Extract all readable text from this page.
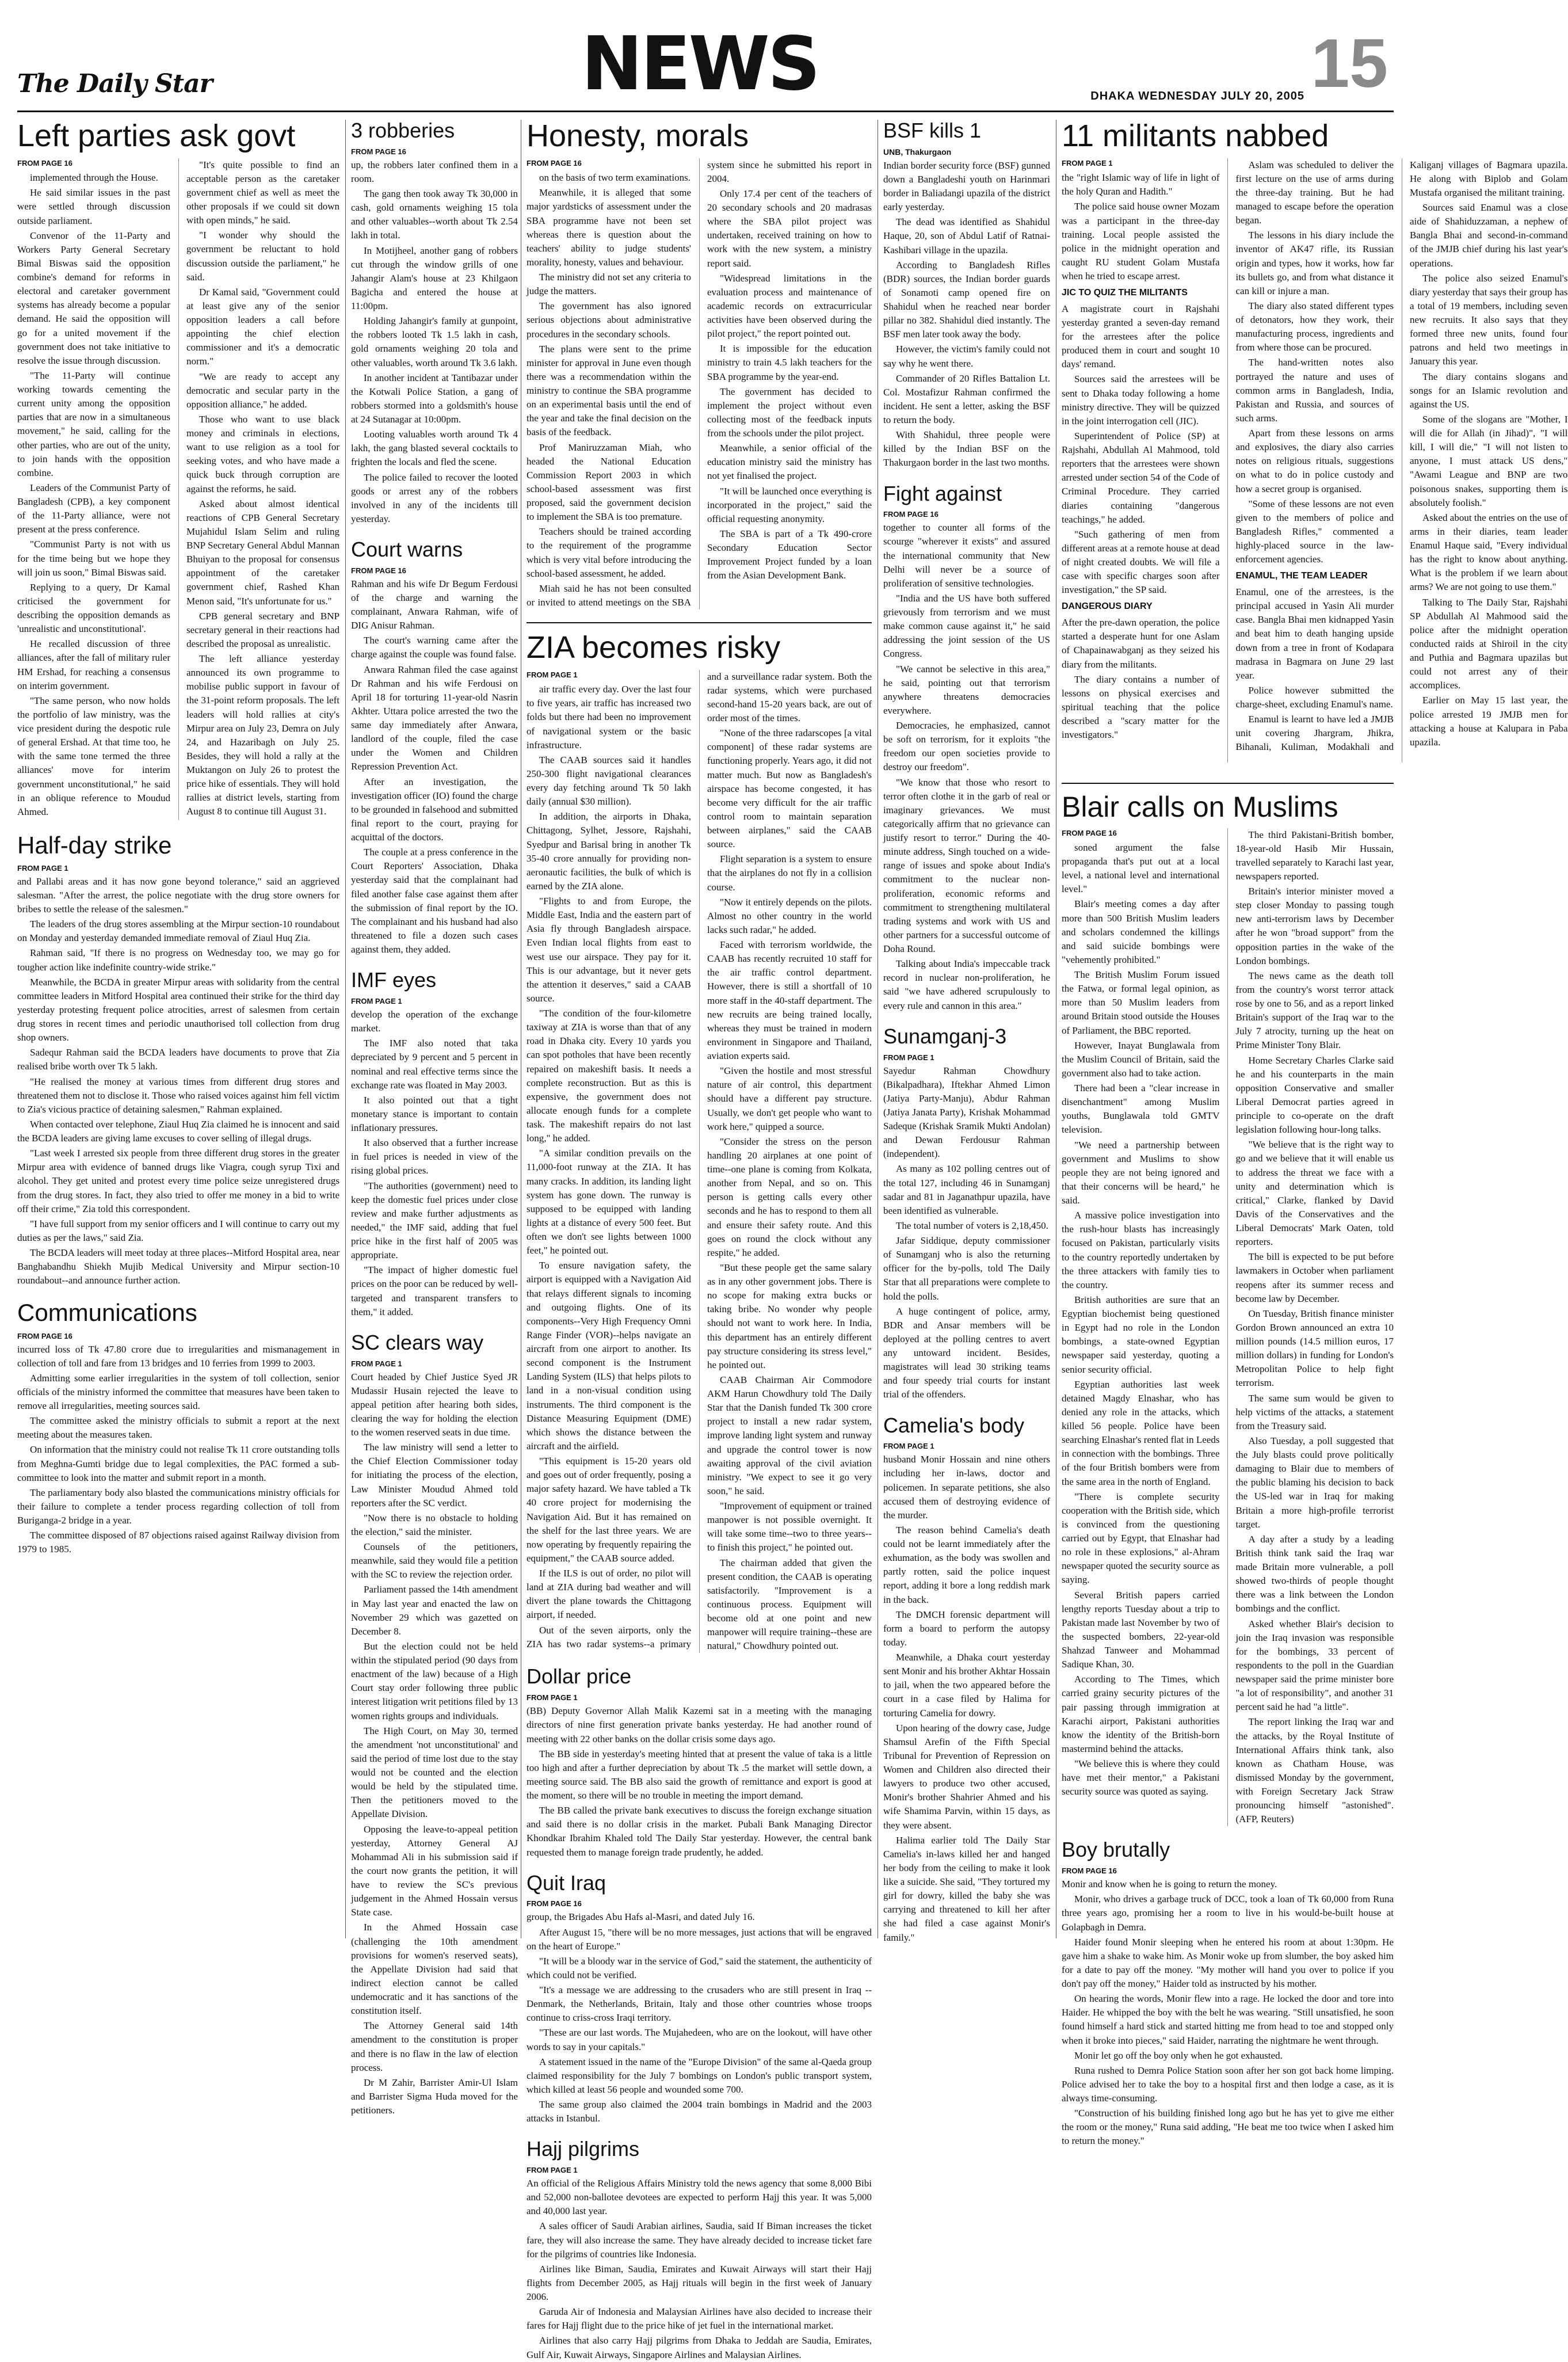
The Daily Star	NEWS	15
DHAKA WEDNESDAY JULY 20, 2005
Left parties ask govt
FROM PAGE 16

implemented through the House.

He said similar issues in the past were settled through discussion outside parliament.

Convenor of the 11-Party and Workers Party General Secretary Bimal Biswas said the opposition combine's demand for reforms in electoral and caretaker government systems has already become a popular demand. He said the opposition will go for a united movement if the government does not take initiative to resolve the issue through discussion.

"The 11-Party will continue working towards cementing the current unity among the opposition parties that are now in a simultaneous movement," he said, calling for the other parties, who are out of the unity, to join hands with the opposition combine.

Leaders of the Communist Party of Bangladesh (CPB), a key component of the 11-Party alliance, were not present at the press conference.

"Communist Party is not with us for the time being but we hope they will join us soon," Bimal Biswas said.

Replying to a query, Dr Kamal criticised the government for describing the opposition demands as 'unrealistic and unconstitutional'.

He recalled discussion of three alliances, after the fall of military ruler HM Ershad, for reaching a consensus on interim government.

"The same person, who now holds the portfolio of law ministry, was the vice president during the despotic rule of general Ershad. At that time too, he with the same tone termed the three alliances' move for interim government unconstitutional," he said in an oblique reference to Moudud Ahmed.

"It's quite possible to find an acceptable person as the caretaker government chief as well as meet the other proposals if we could sit down with open minds," he said.

"I wonder why should the government be reluctant to hold discussion outside the parliament," he said.

Dr Kamal said, "Government could at least give any of the senior opposition leaders a call before appointing the chief election commissioner and it's a democratic norm."

"We are ready to accept any democratic and secular party in the opposition alliance," he added.

Those who want to use black money and criminals in elections, want to use religion as a tool for seeking votes, and who have made a quick buck through corruption are against the reforms, he said.

Asked about almost identical reactions of CPB General Secretary Mujahidul Islam Selim and ruling BNP Secretary General Abdul Mannan Bhuiyan to the proposal for consensus appointment of the caretaker government chief, Rashed Khan Menon said, "It's unfortunate for us."

CPB general secretary and BNP secretary general in their reactions had described the proposal as unrealistic.

The left alliance yesterday announced its own programme to mobilise public support in favour of the 31-point reform proposals. The left leaders will hold rallies at city's Mirpur area on July 23, Demra on July 24, and Hazaribagh on July 25. Besides, they will hold a rally at the Muktangon on July 26 to protest the price hike of essentials. They will hold rallies at district levels, starting from August 8 to continue till August 31.

Half-day strike
FROM PAGE 1

and Pallabi areas and it has now gone beyond tolerance," said an aggrieved salesman. "After the arrest, the police negotiate with the drug store owners for bribes to settle the release of the salesmen."

The leaders of the drug stores assembling at the Mirpur section-10 roundabout on Monday and yesterday demanded immediate removal of Ziaul Huq Zia.

Rahman said, "If there is no progress on Wednesday too, we may go for tougher action like indefinite country-wide strike."

Meanwhile, the BCDA in greater Mirpur areas with solidarity from the central committee leaders in Mitford Hospital area continued their strike for the third day yesterday protesting frequent police atrocities, arrest of salesmen from certain drug stores in recent times and periodic unauthorised toll collection from drug shop owners.

Sadequr Rahman said the BCDA leaders have documents to prove that Zia realised bribe worth over Tk 5 lakh.

"He realised the money at various times from different drug stores and threatened them not to disclose it. Those who raised voices against him fell victim to Zia's vicious practice of detaining salesmen," Rahman explained.

When contacted over telephone, Ziaul Huq Zia claimed he is innocent and said the BCDA leaders are giving lame excuses to cover selling of illegal drugs.

"Last week I arrested six people from three different drug stores in the greater Mirpur area with evidence of banned drugs like Viagra, cough syrup Tixi and alcohol. They get united and protest every time police seize unregistered drugs from the drug stores. In fact, they also tried to offer me money in a bid to write off their crime," Zia told this correspondent.

"I have full support from my senior officers and I will continue to carry out my duties as per the laws," said Zia.

The BCDA leaders will meet today at three places--Mitford Hospital area, near Banghabandhu Shiekh Mujib Medical University and Mirpur section-10 roundabout--and announce further action.

Communications
FROM PAGE 16

incurred loss of Tk 47.80 crore due to irregularities and mismanagement in collection of toll and fare from 13 bridges and 10 ferries from 1999 to 2003.

Admitting some earlier irregularities in the system of toll collection, senior officials of the ministry informed the committee that measures have been taken to remove all irregularities, meeting sources said.

The committee asked the ministry officials to submit a report at the next meeting about the measures taken.

On information that the ministry could not realise Tk 11 crore outstanding tolls from Meghna-Gumti bridge due to legal complexities, the PAC formed a sub-committee to look into the matter and submit report in a month.

The parliamentary body also blasted the communications ministry officials for their failure to complete a tender process regarding collection of toll from Buriganga-2 bridge in a year.

The committee disposed of 87 objections raised against Railway division from 1979 to 1985.

3 robberies
FROM PAGE 16

up, the robbers later confined them in a room.

The gang then took away Tk 30,000 in cash, gold ornaments weighing 15 tola and other valuables--worth about Tk 2.54 lakh in total.

In Motijheel, another gang of robbers cut through the window grills of one Jahangir Alam's house at 23 Khilgaon Bagicha and entered the house at 11:00pm.

Holding Jahangir's family at gunpoint, the robbers looted Tk 1.5 lakh in cash, gold ornaments weighing 20 tola and other valuables, worth around Tk 3.6 lakh.

In another incident at Tantibazar under the Kotwali Police Station, a gang of robbers stormed into a goldsmith's house at 24 Sutanagar at 10:00pm.

Looting valuables worth around Tk 4 lakh, the gang blasted several cocktails to frighten the locals and fled the scene.

The police failed to recover the looted goods or arrest any of the robbers involved in any of the incidents till yesterday.

Court warns
FROM PAGE 16

Rahman and his wife Dr Begum Ferdousi of the charge and warning the complainant, Anwara Rahman, wife of DIG Anisur Rahman.

The court's warning came after the charge against the couple was found false.

Anwara Rahman filed the case against Dr Rahman and his wife Ferdousi on April 18 for torturing 11-year-old Nasrin Akhter. Uttara police arrested the two the same day immediately after Anwara, landlord of the couple, filed the case under the Women and Children Repression Prevention Act.

After an investigation, the investigation officer (IO) found the charge to be grounded in falsehood and submitted final report to the court, praying for acquittal of the doctors.

The couple at a press conference in the Court Reporters' Association, Dhaka yesterday said that the complainant had filed another false case against them after the submission of final report by the IO. The complainant and his husband had also threatened to file a dozen such cases against them, they added.

IMF eyes
FROM PAGE 1

develop the operation of the exchange market.

The IMF also noted that taka depreciated by 9 percent and 5 percent in nominal and real effective terms since the exchange rate was floated in May 2003.

It also pointed out that a tight monetary stance is important to contain inflationary pressures.

It also observed that a further increase in fuel prices is needed in view of the rising global prices.

"The authorities (government) need to keep the domestic fuel prices under close review and make further adjustments as needed," the IMF said, adding that fuel price hike in the first half of 2005 was appropriate.

"The impact of higher domestic fuel prices on the poor can be reduced by well-targeted and transparent transfers to them," it added.

SC clears way
FROM PAGE 1

Court headed by Chief Justice Syed JR Mudassir Husain rejected the leave to appeal petition after hearing both sides, clearing the way for holding the election to the women reserved seats in due time.

The law ministry will send a letter to the Chief Election Commissioner today for initiating the process of the election, Law Minister Moudud Ahmed told reporters after the SC verdict.

"Now there is no obstacle to holding the election," said the minister.

Counsels of the petitioners, meanwhile, said they would file a petition with the SC to review the rejection order.

Parliament passed the 14th amendment in May last year and enacted the law on November 29 which was gazetted on December 8.

But the election could not be held within the stipulated period (90 days from enactment of the law) because of a High Court stay order following three public interest litigation writ petitions filed by 13 women rights groups and individuals.

The High Court, on May 30, termed the amendment 'not unconstitutional' and said the period of time lost due to the stay would not be counted and the election would be held by the stipulated time. Then the petitioners moved to the Appellate Division.

Opposing the leave-to-appeal petition yesterday, Attorney General AJ Mohammad Ali in his submission said if the court now grants the petition, it will have to review the SC's previous judgement in the Ahmed Hossain versus State case.

In the Ahmed Hossain case (challenging the 10th amendment provisions for women's reserved seats), the Appellate Division had said that indirect election cannot be called undemocratic and it has sanctions of the constitution itself.

The Attorney General said 14th amendment to the constitution is proper and there is no flaw in the law of election process.

Dr M Zahir, Barrister Amir-Ul Islam and Barrister Sigma Huda moved for the petitioners.

Honesty, morals
FROM PAGE 16

on the basis of two term examinations.

Meanwhile, it is alleged that some major yardsticks of assessment under the SBA programme have not been set whereas there is question about the teachers' ability to judge students' morality, honesty, values and behaviour.

The ministry did not set any criteria to judge the matters.

The government has also ignored serious objections about administrative procedures in the secondary schools.

The plans were sent to the prime minister for approval in June even though there was a recommendation within the ministry to continue the SBA programme on an experimental basis until the end of the year and take the final decision on the basis of the feedback.

Prof Maniruzzaman Miah, who headed the National Education Commission Report 2003 in which school-based assessment was first proposed, said the government decision to implement the SBA is too premature.

Teachers should be trained according to the requirement of the programme which is very vital before introducing the school-based assessment, he added.

Miah said he has not been consulted or invited to attend meetings on the SBA system since he submitted his report in 2004.

Only 17.4 per cent of the teachers of 20 secondary schools and 20 madrasas where the SBA pilot project was undertaken, received training on how to work with the new system, a ministry report said.

"Widespread limitations in the evaluation process and maintenance of academic records on extracurricular activities have been observed during the pilot project," the report pointed out.

It is impossible for the education ministry to train 4.5 lakh teachers for the SBA programme by the year-end.

The government has decided to implement the project without even collecting most of the feedback inputs from the schools under the pilot project.

Meanwhile, a senior official of the education ministry said the ministry has not yet finalised the project.

"It will be launched once everything is incorporated in the project," said the official requesting anonymity.

The SBA is part of a Tk 490-crore Secondary Education Sector Improvement Project funded by a loan from the Asian Development Bank.

ZIA becomes risky
FROM PAGE 1

air traffic every day. Over the last four to five years, air traffic has increased two folds but there had been no improvement of navigational system or the basic infrastructure.

The CAAB sources said it handles 250-300 flight navigational clearances every day fetching around Tk 50 lakh daily (annual $30 million).

In addition, the airports in Dhaka, Chittagong, Sylhet, Jessore, Rajshahi, Syedpur and Barisal bring in another Tk 35-40 crore annually for providing non-aeronautic facilities, the bulk of which is earned by the ZIA alone.

"Flights to and from Europe, the Middle East, India and the eastern part of Asia fly through Bangladesh airspace. Even Indian local flights from east to west use our airspace. They pay for it. This is our advantage, but it never gets the attention it deserves," said a CAAB source.

"The condition of the four-kilometre taxiway at ZIA is worse than that of any road in Dhaka city. Every 10 yards you can spot potholes that have been recently repaired on makeshift basis. It needs a complete reconstruction. But as this is expensive, the government does not allocate enough funds for a complete task. The makeshift repairs do not last long," he added.

"A similar condition prevails on the 11,000-foot runway at the ZIA. It has many cracks. In addition, its landing light system has gone down. The runway is supposed to be equipped with landing lights at a distance of every 500 feet. But often we don't see lights between 1000 feet," he pointed out.

To ensure navigation safety, the airport is equipped with a Navigation Aid that relays different signals to incoming and outgoing flights. One of its components--Very High Frequency Omni Range Finder (VOR)--helps navigate an aircraft from one airport to another. Its second component is the Instrument Landing System (ILS) that helps pilots to land in a non-visual condition using instruments. The third component is the Distance Measuring Equipment (DME) which shows the distance between the aircraft and the airfield.

"This equipment is 15-20 years old and goes out of order frequently, posing a major safety hazard. We have tabled a Tk 40 crore project for modernising the Navigation Aid. But it has remained on the shelf for the last three years. We are now operating by frequently repairing the equipment," the CAAB source added.

If the ILS is out of order, no pilot will land at ZIA during bad weather and will divert the plane towards the Chittagong airport, if needed.

Out of the seven airports, only the ZIA has two radar systems--a primary and a surveillance radar system. Both the radar systems, which were purchased second-hand 15-20 years back, are out of order most of the times.

"None of the three radarscopes [a vital component] of these radar systems are functioning properly. Years ago, it did not matter much. But now as Bangladesh's airspace has become congested, it has become very difficult for the air traffic control room to maintain separation between airplanes," said the CAAB source.

Flight separation is a system to ensure that the airplanes do not fly in a collision course.

"Now it entirely depends on the pilots. Almost no other country in the world lacks such radar," he added.

Faced with terrorism worldwide, the CAAB has recently recruited 10 staff for the air traffic control department. However, there is still a shortfall of 10 more staff in the 40-staff department. The new recruits are being trained locally, whereas they must be trained in modern environment in Singapore and Thailand, aviation experts said.

"Given the hostile and most stressful nature of air control, this department should have a different pay structure. Usually, we don't get people who want to work here," quipped a source.

"Consider the stress on the person handling 20 airplanes at one point of time--one plane is coming from Kolkata, another from Nepal, and so on. This person is getting calls every other seconds and he has to respond to them all and ensure their safety route. And this goes on round the clock without any respite," he added.

"But these people get the same salary as in any other government jobs. There is no scope for making extra bucks or taking bribe. No wonder why people should not want to work here. In India, this department has an entirely different pay structure considering its stress level," he pointed out.

CAAB Chairman Air Commodore AKM Harun Chowdhury told The Daily Star that the Danish funded Tk 300 crore project to install a new radar system, improve landing light system and runway and upgrade the control tower is now awaiting approval of the civil aviation ministry. "We expect to see it go very soon," he said.

"Improvement of equipment or trained manpower is not possible overnight. It will take some time--two to three years--to finish this project," he pointed out.

The chairman added that given the present condition, the CAAB is operating satisfactorily. "Improvement is a continuous process. Equipment will become old at one point and new manpower will require training--these are natural," Chowdhury pointed out.

Dollar price
FROM PAGE 1

(BB) Deputy Governor Allah Malik Kazemi sat in a meeting with the managing directors of nine first generation private banks yesterday. He had another round of meeting with 22 other banks on the dollar crisis some days ago.

The BB side in yesterday's meeting hinted that at present the value of taka is a little too high and after a further depreciation by about Tk .5 the market will settle down, a meeting source said. The BB also said the growth of remittance and export is good at the moment, so there will be no trouble in meeting the import demand.

The BB called the private bank executives to discuss the foreign exchange situation and said there is no dollar crisis in the market. Pubali Bank Managing Director Khondkar Ibrahim Khaled told The Daily Star yesterday. However, the central bank requested them to manage foreign trade prudently, he added.

Quit Iraq
FROM PAGE 16

group, the Brigades Abu Hafs al-Masri, and dated July 16.

After August 15, "there will be no more messages, just actions that will be engraved on the heart of Europe."

"It will be a bloody war in the service of God," said the statement, the authenticity of which could not be verified.

"It's a message we are addressing to the crusaders who are still present in Iraq -- Denmark, the Netherlands, Britain, Italy and those other countries whose troops continue to criss-cross Iraqi territory.

"These are our last words. The Mujahedeen, who are on the lookout, will have other words to say in your capitals."

A statement issued in the name of the "Europe Division" of the same al-Qaeda group claimed responsibility for the July 7 bombings on London's public transport system, which killed at least 56 people and wounded some 700.

The same group also claimed the 2004 train bombings in Madrid and the 2003 attacks in Istanbul.

Hajj pilgrims
FROM PAGE 1

An official of the Religious Affairs Ministry told the news agency that some 8,000 Bibi and 52,000 non-ballotee devotees are expected to perform Hajj this year. It was 5,000 and 40,000 last year.

A sales officer of Saudi Arabian airlines, Saudia, said If Biman increases the ticket fare, they will also increase the same. They have already decided to increase ticket fare for the pilgrims of countries like Indonesia.

Airlines like Biman, Saudia, Emirates and Kuwait Airways will start their Hajj flights from December 2005, as Hajj rituals will begin in the first week of January 2006.

Garuda Air of Indonesia and Malaysian Airlines have also decided to increase their fares for Hajj flight due to the price hike of jet fuel in the international market.

Airlines that also carry Hajj pilgrims from Dhaka to Jeddah are Saudia, Emirates, Gulf Air, Kuwait Airways, Singapore Airlines and Malaysian Airlines.

BSF kills 1
UNB, Thakurgaon

Indian border security force (BSF) gunned down a Bangladeshi youth on Harinmari border in Baliadangi upazila of the district early yesterday.

The dead was identified as Shahidul Haque, 20, son of Abdul Latif of Ratnai-Kashibari village in the upazila.

According to Bangladesh Rifles (BDR) sources, the Indian border guards of Sonamoti camp opened fire on Shahidul when he reached near border pillar no 382. Shahidul died instantly. The BSF men later took away the body.

However, the victim's family could not say why he went there.

Commander of 20 Rifles Battalion Lt. Col. Mostafizur Rahman confirmed the incident. He sent a letter, asking the BSF to return the body.

With Shahidul, three people were killed by the Indian BSF on the Thakurgaon border in the last two months.

Fight against
FROM PAGE 16

together to counter all forms of the scourge "wherever it exists" and assured the international community that New Delhi will never be a source of proliferation of sensitive technologies.

"India and the US have both suffered grievously from terrorism and we must make common cause against it," he said addressing the joint session of the US Congress.

"We cannot be selective in this area," he said, pointing out that terrorism anywhere threatens democracies everywhere.

Democracies, he emphasized, cannot be soft on terrorism, for it exploits "the freedom our open societies provide to destroy our freedom".

"We know that those who resort to terror often clothe it in the garb of real or imaginary grievances. We must categorically affirm that no grievance can justify resort to terror." During the 40-minute address, Singh touched on a wide-range of issues and spoke about India's commitment to the nuclear non-proliferation, economic reforms and commitment to strengthening multilateral trading systems and work with US and other partners for a successful outcome of Doha Round.

Talking about India's impeccable track record in nuclear non-proliferation, he said "we have adhered scrupulously to every rule and cannon in this area."

Sunamganj-3
FROM PAGE 1

Sayedur Rahman Chowdhury (Bikalpadhara), Iftekhar Ahmed Limon (Jatiya Party-Manju), Abdur Rahman (Jatiya Janata Party), Krishak Mohammad Sadeque (Krishak Sramik Mukti Andolan) and Dewan Ferdousur Rahman (independent).

As many as 102 polling centres out of the total 127, including 46 in Sunamganj sadar and 81 in Jaganathpur upazila, have been identified as vulnerable.

The total number of voters is 2,18,450.

Jafar Siddique, deputy commissioner of Sunamganj who is also the returning officer for the by-polls, told The Daily Star that all preparations were complete to hold the polls.

A huge contingent of police, army, BDR and Ansar members will be deployed at the polling centres to avert any untoward incident. Besides, magistrates will lead 30 striking teams and four speedy trial courts for instant trial of the offenders.

Camelia's body
FROM PAGE 1

husband Monir Hossain and nine others including her in-laws, doctor and policemen. In separate petitions, she also accused them of destroying evidence of the murder.

The reason behind Camelia's death could not be learnt immediately after the exhumation, as the body was swollen and partly rotten, said the police inquest report, adding it bore a long reddish mark in the back.

The DMCH forensic department will form a board to perform the autopsy today.

Meanwhile, a Dhaka court yesterday sent Monir and his brother Akhtar Hossain to jail, when the two appeared before the court in a case filed by Halima for torturing Camelia for dowry.

Upon hearing of the dowry case, Judge Shamsul Arefin of the Fifth Special Tribunal for Prevention of Repression on Women and Children also directed their lawyers to produce two other accused, Monir's brother Shahrier Ahmed and his wife Shamima Parvin, within 15 days, as they were absent.

Halima earlier told The Daily Star Camelia's in-laws killed her and hanged her body from the ceiling to make it look like a suicide. She said, "They tortured my girl for dowry, killed the baby she was carrying and threatened to kill her after she had filed a case against Monir's family."

11 militants nabbed
FROM PAGE 1

the "right Islamic way of life in light of the holy Quran and Hadith."

The police said house owner Mozam was a participant in the three-day training. Local people assisted the police in the midnight operation and caught RU student Golam Mustafa when he tried to escape arrest.

JIC TO QUIZ THE MILITANTS

A magistrate court in Rajshahi yesterday granted a seven-day remand for the arrestees after the police produced them in court and sought 10 days' remand.

Sources said the arrestees will be sent to Dhaka today following a home ministry directive. They will be quizzed in the joint interrogation cell (JIC).

Superintendent of Police (SP) at Rajshahi, Abdullah Al Mahmood, told reporters that the arrestees were shown arrested under section 54 of the Code of Criminal Procedure. They carried diaries containing "dangerous teachings," he added.

"Such gathering of men from different areas at a remote house at dead of night created doubts. We will file a case with specific charges soon after investigation," the SP said.

DANGEROUS DIARY

After the pre-dawn operation, the police started a desperate hunt for one Aslam of Chapainawabganj as they seized his diary from the militants.

The diary contains a number of lessons on physical exercises and spiritual teaching that the police described a "scary matter for the investigators."

Aslam was scheduled to deliver the first lecture on the use of arms during the three-day training. But he had managed to escape before the operation began.

The lessons in his diary include the inventor of AK47 rifle, its Russian origin and types, how it works, how far its bullets go, and from what distance it can kill or injure a man.

The diary also stated different types of detonators, how they work, their manufacturing process, ingredients and from where those can be procured.

The hand-written notes also portrayed the nature and uses of common arms in Bangladesh, India, Pakistan and Russia, and sources of such arms.

Apart from these lessons on arms and explosives, the diary also carries notes on religious rituals, suggestions on what to do in police custody and how a secret group is organised.

"Some of these lessons are not even given to the members of police and Bangladesh Rifles," commented a highly-placed source in the law-enforcement agencies.

ENAMUL, THE TEAM LEADER

Enamul, one of the arrestees, is the principal accused in Yasin Ali murder case. Bangla Bhai men kidnapped Yasin and beat him to death hanging upside down from a tree in front of Kodapara madrasa in Bagmara on June 29 last year.

Police however submitted the charge-sheet, excluding Enamul's name.

Enamul is learnt to have led a JMJB unit covering Jhargram, Jhikra, Bihanali, Kuliman, Modakhali and Kaliganj villages of Bagmara upazila. He along with Biplob and Golam Mustafa organised the militant training.

Sources said Enamul was a close aide of Shahiduzzaman, a nephew of Bangla Bhai and second-in-command of the JMJB chief during his last year's operations.

The police also seized Enamul's diary yesterday that says their group has a total of 19 members, including seven new recruits. It also says that they formed three new units, found four patrons and held two meetings in January this year.

The diary contains slogans and songs for an Islamic revolution and against the US.

Some of the slogans are "Mother, I will die for Allah (in Jihad)", "I will kill, I will die," "I will not listen to anyone, I must attack US dens," "Awami League and BNP are two poisonous snakes, supporting them is absolutely foolish."

Asked about the entries on the use of arms in their diaries, team leader Enamul Haque said, "Every individual has the right to know about anything. What is the problem if we learn about arms? We are not going to use them."

Talking to The Daily Star, Rajshahi SP Abdullah Al Mahmood said the police after the midnight operation conducted raids at Shiroil in the city and Puthia and Bagmara upazilas but could not arrest any of their accomplices.

Earlier on May 15 last year, the police arrested 19 JMJB men for attacking a house at Kalupara in Paba upazila.

Blair calls on Muslims
FROM PAGE 16

soned argument the false propaganda that's put out at a local level, a national level and international level."

Blair's meeting comes a day after more than 500 British Muslim leaders and scholars condemned the killings and said suicide bombings were "vehemently prohibited."

The British Muslim Forum issued the Fatwa, or formal legal opinion, as more than 50 Muslim leaders from around Britain stood outside the Houses of Parliament, the BBC reported.

However, Inayat Bunglawala from the Muslim Council of Britain, said the government also had to take action.

There had been a "clear increase in disenchantment" among Muslim youths, Bunglawala told GMTV television.

"We need a partnership between government and Muslims to show people they are not being ignored and that their concerns will be heard," he said.

A massive police investigation into the rush-hour blasts has increasingly focused on Pakistan, particularly visits to the country reportedly undertaken by the three attackers with family ties to the country.

British authorities are sure that an Egyptian biochemist being questioned in Egypt had no role in the London bombings, a state-owned Egyptian newspaper said yesterday, quoting a senior security official.

Egyptian authorities last week detained Magdy Elnashar, who has denied any role in the attacks, which killed 56 people. Police have been searching Elnashar's rented flat in Leeds in connection with the bombings. Three of the four British bombers were from the same area in the north of England.

"There is complete security cooperation with the British side, which is convinced from the questioning carried out by Egypt, that Elnashar had no role in these explosions," al-Ahram newspaper quoted the security source as saying.

Several British papers carried lengthy reports Tuesday about a trip to Pakistan made last November by two of the suspected bombers, 22-year-old Shahzad Tanweer and Mohammad Sadique Khan, 30.

According to The Times, which carried grainy security pictures of the pair passing through immigration at Karachi airport, Pakistani authorities know the identity of the British-born mastermind behind the attacks.

"We believe this is where they could have met their mentor," a Pakistani security source was quoted as saying.

The third Pakistani-British bomber, 18-year-old Hasib Mir Hussain, travelled separately to Karachi last year, newspapers reported.

Britain's interior minister moved a step closer Monday to passing tough new anti-terrorism laws by December after he won "broad support" from the opposition parties in the wake of the London bombings.

The news came as the death toll from the country's worst terror attack rose by one to 56, and as a report linked Britain's support of the Iraq war to the July 7 atrocity, turning up the heat on Prime Minister Tony Blair.

Home Secretary Charles Clarke said he and his counterparts in the main opposition Conservative and smaller Liberal Democrat parties agreed in principle to co-operate on the draft legislation following hour-long talks.

"We believe that is the right way to go and we believe that it will enable us to address the threat we face with a unity and determination which is critical," Clarke, flanked by David Davis of the Conservatives and the Liberal Democrats' Mark Oaten, told reporters.

The bill is expected to be put before lawmakers in October when parliament reopens after its summer recess and become law by December.

On Tuesday, British finance minister Gordon Brown announced an extra 10 million pounds (14.5 million euros, 17 million dollars) in funding for London's Metropolitan Police to help fight terrorism.

The same sum would be given to help victims of the attacks, a statement from the Treasury said.

Also Tuesday, a poll suggested that the July blasts could prove politically damaging to Blair due to members of the public blaming his decision to back the US-led war in Iraq for making Britain a more high-profile terrorist target.

A day after a study by a leading British think tank said the Iraq war made Britain more vulnerable, a poll showed two-thirds of people thought there was a link between the London bombings and the conflict.

Asked whether Blair's decision to join the Iraq invasion was responsible for the bombings, 33 percent of respondents to the poll in the Guardian newspaper said the prime minister bore "a lot of responsibility", and another 31 percent said he had "a little".

The report linking the Iraq war and the attacks, by the Royal Institute of International Affairs think tank, also known as Chatham House, was dismissed Monday by the government, with Foreign Secretary Jack Straw pronouncing himself "astonished". (AFP, Reuters)

Boy brutally
FROM PAGE 16

Monir and know when he is going to return the money.

Monir, who drives a garbage truck of DCC, took a loan of Tk 60,000 from Runa three years ago, promising her a room to live in his would-be-built house at Golapbagh in Demra.

Haider found Monir sleeping when he entered his room at about 1:30pm. He gave him a shake to wake him. As Monir woke up from slumber, the boy asked him for a date to pay off the money. "My mother will hand you over to police if you don't pay off the money," Haider told as instructed by his mother.

On hearing the words, Monir flew into a rage. He locked the door and tore into Haider. He whipped the boy with the belt he was wearing. "Still unsatisfied, he soon found himself a hard stick and started hitting me from head to toe and stopped only when it broke into pieces," said Haider, narrating the nightmare he went through.

Monir let go off the boy only when he got exhausted.

Runa rushed to Demra Police Station soon after her son got back home limping. Police advised her to take the boy to a hospital first and then lodge a case, as it is always time-consuming.

"Construction of his building finished long ago but he has yet to give me either the room or the money," Runa said adding, "He beat me too twice when I asked him to return the money."
